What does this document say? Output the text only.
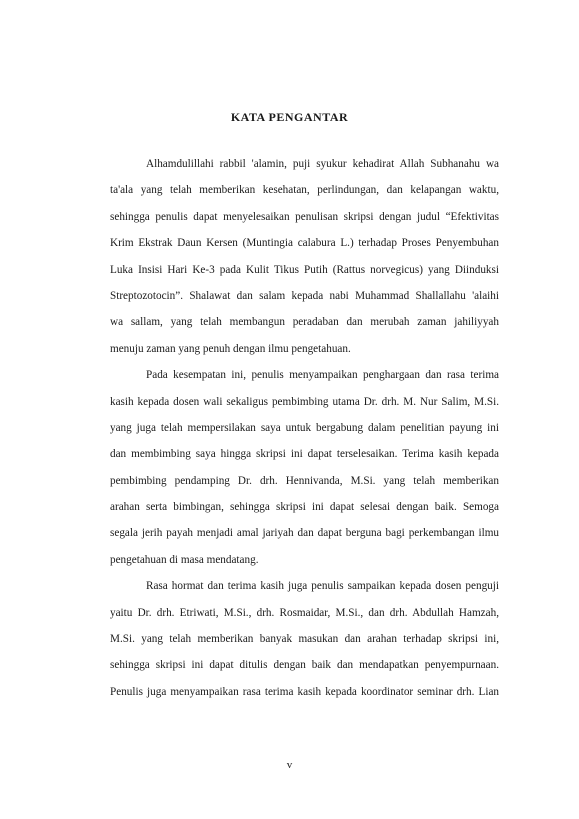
KATA PENGANTAR
Alhamdulillahi rabbil 'alamin, puji syukur kehadirat Allah Subhanahu wa
ta'ala yang telah memberikan kesehatan, perlindungan, dan kelapangan waktu,
sehingga penulis dapat menyelesaikan penulisan skripsi dengan judul “Efektivitas
Krim Ekstrak Daun Kersen (Muntingia calabura L.) terhadap Proses Penyembuhan
Luka Insisi Hari Ke-3 pada Kulit Tikus Putih (Rattus norvegicus) yang Diinduksi
Streptozotocin”. Shalawat dan salam kepada nabi Muhammad Shallallahu 'alaihi
wa sallam, yang telah membangun peradaban dan merubah zaman jahiliyyah
menuju zaman yang penuh dengan ilmu pengetahuan.
Pada kesempatan ini, penulis menyampaikan penghargaan dan rasa terima
kasih kepada dosen wali sekaligus pembimbing utama Dr. drh. M. Nur Salim, M.Si.
yang juga telah mempersilakan saya untuk bergabung dalam penelitian payung ini
dan membimbing saya hingga skripsi ini dapat terselesaikan. Terima kasih kepada
pembimbing pendamping Dr. drh. Hennivanda, M.Si. yang telah memberikan
arahan serta bimbingan, sehingga skripsi ini dapat selesai dengan baik. Semoga
segala jerih payah menjadi amal jariyah dan dapat berguna bagi perkembangan ilmu
pengetahuan di masa mendatang.
Rasa hormat dan terima kasih juga penulis sampaikan kepada dosen penguji
yaitu Dr. drh. Etriwati, M.Si., drh. Rosmaidar, M.Si., dan drh. Abdullah Hamzah,
M.Si. yang telah memberikan banyak masukan dan arahan terhadap skripsi ini,
sehingga skripsi ini dapat ditulis dengan baik dan mendapatkan penyempurnaan.
Penulis juga menyampaikan rasa terima kasih kepada koordinator seminar drh. Lian
v
